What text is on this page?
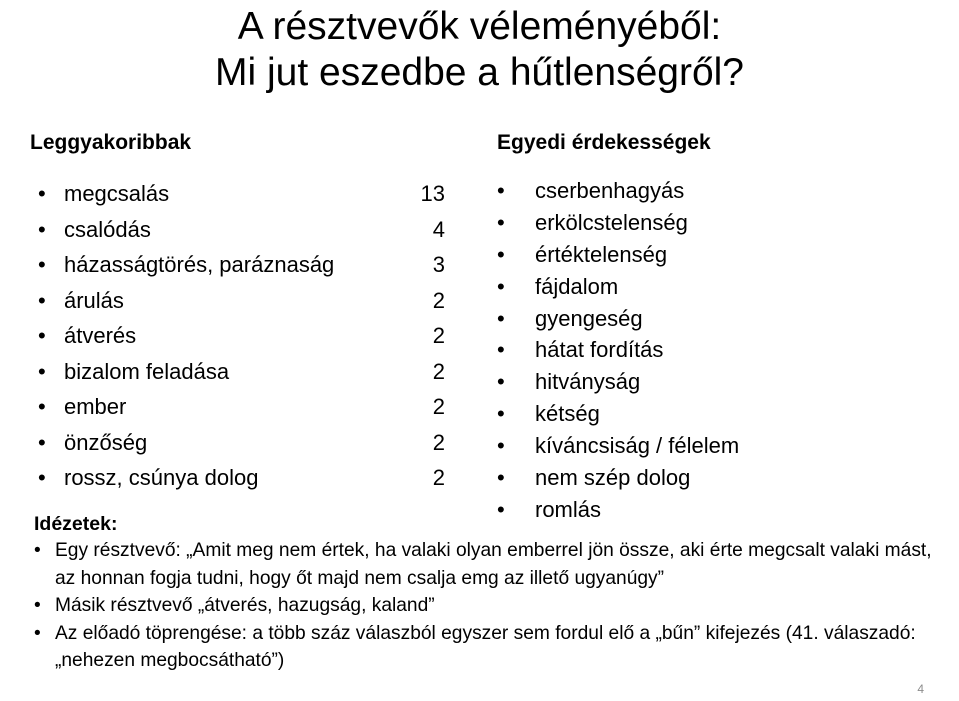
A résztvevők véleményéből:
Mi jut eszedbe a hűtlenségről?
Leggyakoribbak
• megcsalás	13
• csalódás	4
• házasságtörés, paráznaság	3
• árulás	2
• átverés	2
• bizalom feladása	2
• ember	2
• önzőség	2
• rossz, csúnya dolog	2
Egyedi érdekességek
• cserbenhagyás
• erkölcstelenség
• értéktelenség
• fájdalom
• gyengeség
• hátat fordítás
• hitványság
• kétség
• kíváncsiság / félelem
• nem szép dolog
• romlás
Idézetek:
• Egy résztvevő: „Amit meg nem értek, ha valaki olyan emberrel jön össze, aki érte megcsalt valaki mást, az honnan fogja tudni, hogy őt majd nem csalja emg az illető ugyanúgy”
• Másik résztvevő „átverés, hazugság, kaland”
• Az előadó töprengése: a több száz válaszból egyszer sem fordul elő a „bűn” kifejezés (41. válaszadó: „nehezen megbocsátható”)
4
